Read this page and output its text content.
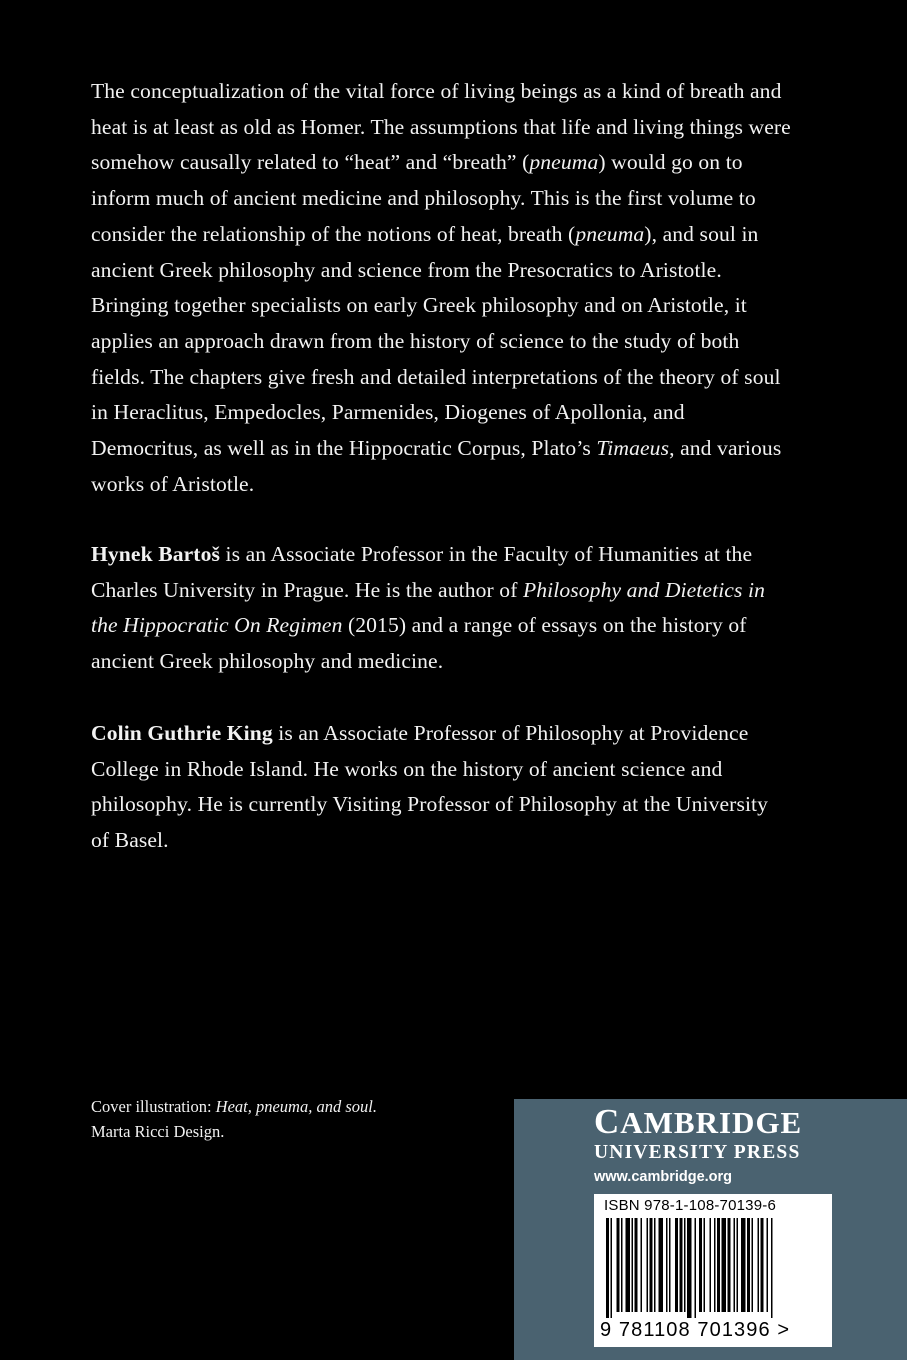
The conceptualization of the vital force of living beings as a kind of breath and heat is at least as old as Homer. The assumptions that life and living things were somehow causally related to “heat” and “breath” (pneuma) would go on to inform much of ancient medicine and philosophy. This is the first volume to consider the relationship of the notions of heat, breath (pneuma), and soul in ancient Greek philosophy and science from the Presocratics to Aristotle. Bringing together specialists on early Greek philosophy and on Aristotle, it applies an approach drawn from the history of science to the study of both fields. The chapters give fresh and detailed interpretations of the theory of soul in Heraclitus, Empedocles, Parmenides, Diogenes of Apollonia, and Democritus, as well as in the Hippocratic Corpus, Plato’s Timaeus, and various works of Aristotle.

Hynek Bartoš is an Associate Professor in the Faculty of Humanities at the Charles University in Prague. He is the author of Philosophy and Dietetics in the Hippocratic On Regimen (2015) and a range of essays on the history of ancient Greek philosophy and medicine.

Colin Guthrie King is an Associate Professor of Philosophy at Providence College in Rhode Island. He works on the history of ancient science and philosophy. He is currently Visiting Professor of Philosophy at the University of Basel.

Cover illustration: Heat, pneuma, and soul.
Marta Ricci Design.	CAMBRIDGE
UNIVERSITY PRESS
www.cambridge.org
ISBN 978-1-108-70139-6
9 781108 701396 >
